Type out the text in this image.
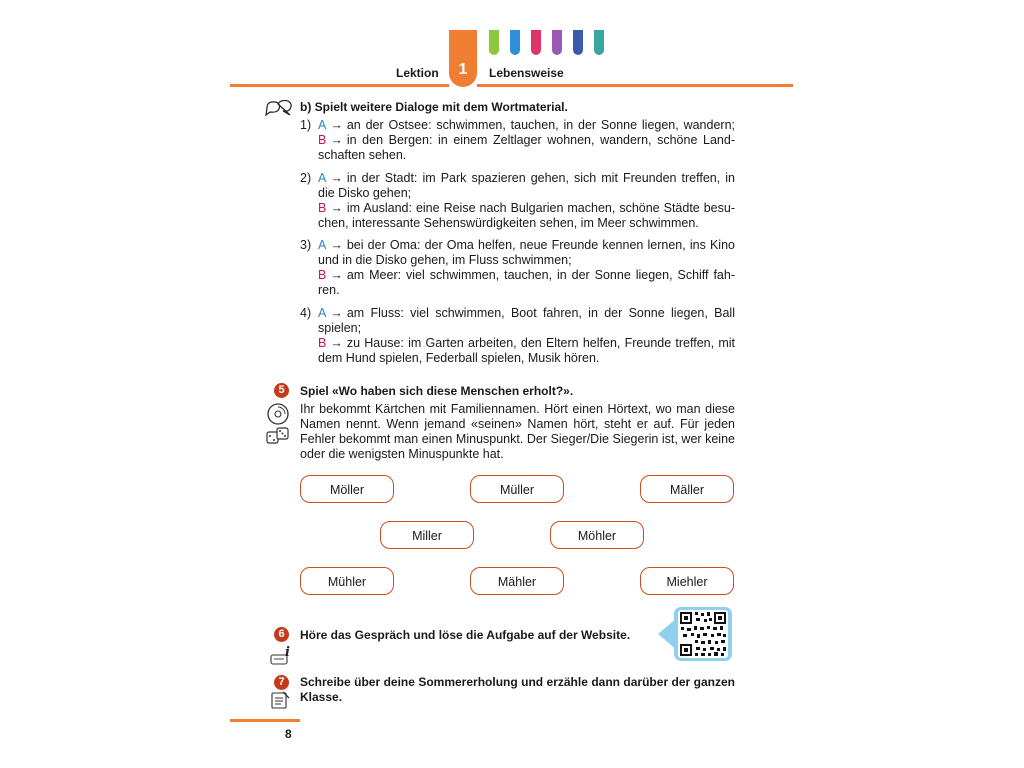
Lektion	1	Lebensweise
b) Spielt weitere Dialoge mit dem Wortmaterial.
1) A → an der Ostsee: schwimmen, tauchen, in der Sonne liegen, wandern;
B → in den Bergen: in einem Zeltlager wohnen, wandern, schöne Land-
schaften sehen.
2) A → in der Stadt: im Park spazieren gehen, sich mit Freunden treffen, in
die Disko gehen;
B → im Ausland: eine Reise nach Bulgarien machen, schöne Städte besu-
chen, interessante Sehenswürdigkeiten sehen, im Meer schwimmen.
3) A → bei der Oma: der Oma helfen, neue Freunde kennen lernen, ins Kino
und in die Disko gehen, im Fluss schwimmen;
B → am Meer: viel schwimmen, tauchen, in der Sonne liegen, Schiff fah-
ren.
4) A → am Fluss: viel schwimmen, Boot fahren, in der Sonne liegen, Ball
spielen;
B → zu Hause: im Garten arbeiten, den Eltern helfen, Freunde treffen, mit
dem Hund spielen, Federball spielen, Musik hören.
5	Spiel «Wo haben sich diese Menschen erholt?».
Ihr bekommt Kärtchen mit Familiennamen. Hört einen Hörtext, wo man diese
Namen nennt. Wenn jemand «seinen» Namen hört, steht er auf. Für jeden
Fehler bekommt man einen Minuspunkt. Der Sieger/Die Siegerin ist, wer keine
oder die wenigsten Minuspunkte hat.
Möller	Müller	Mäller
Miller	Möhler
Mühler	Mähler	Miehler
6	Höre das Gespräch und löse die Aufgabe auf der Website.
i
7	Schreibe über deine Sommererholung und erzähle dann darüber der ganzen
Klasse.
8
